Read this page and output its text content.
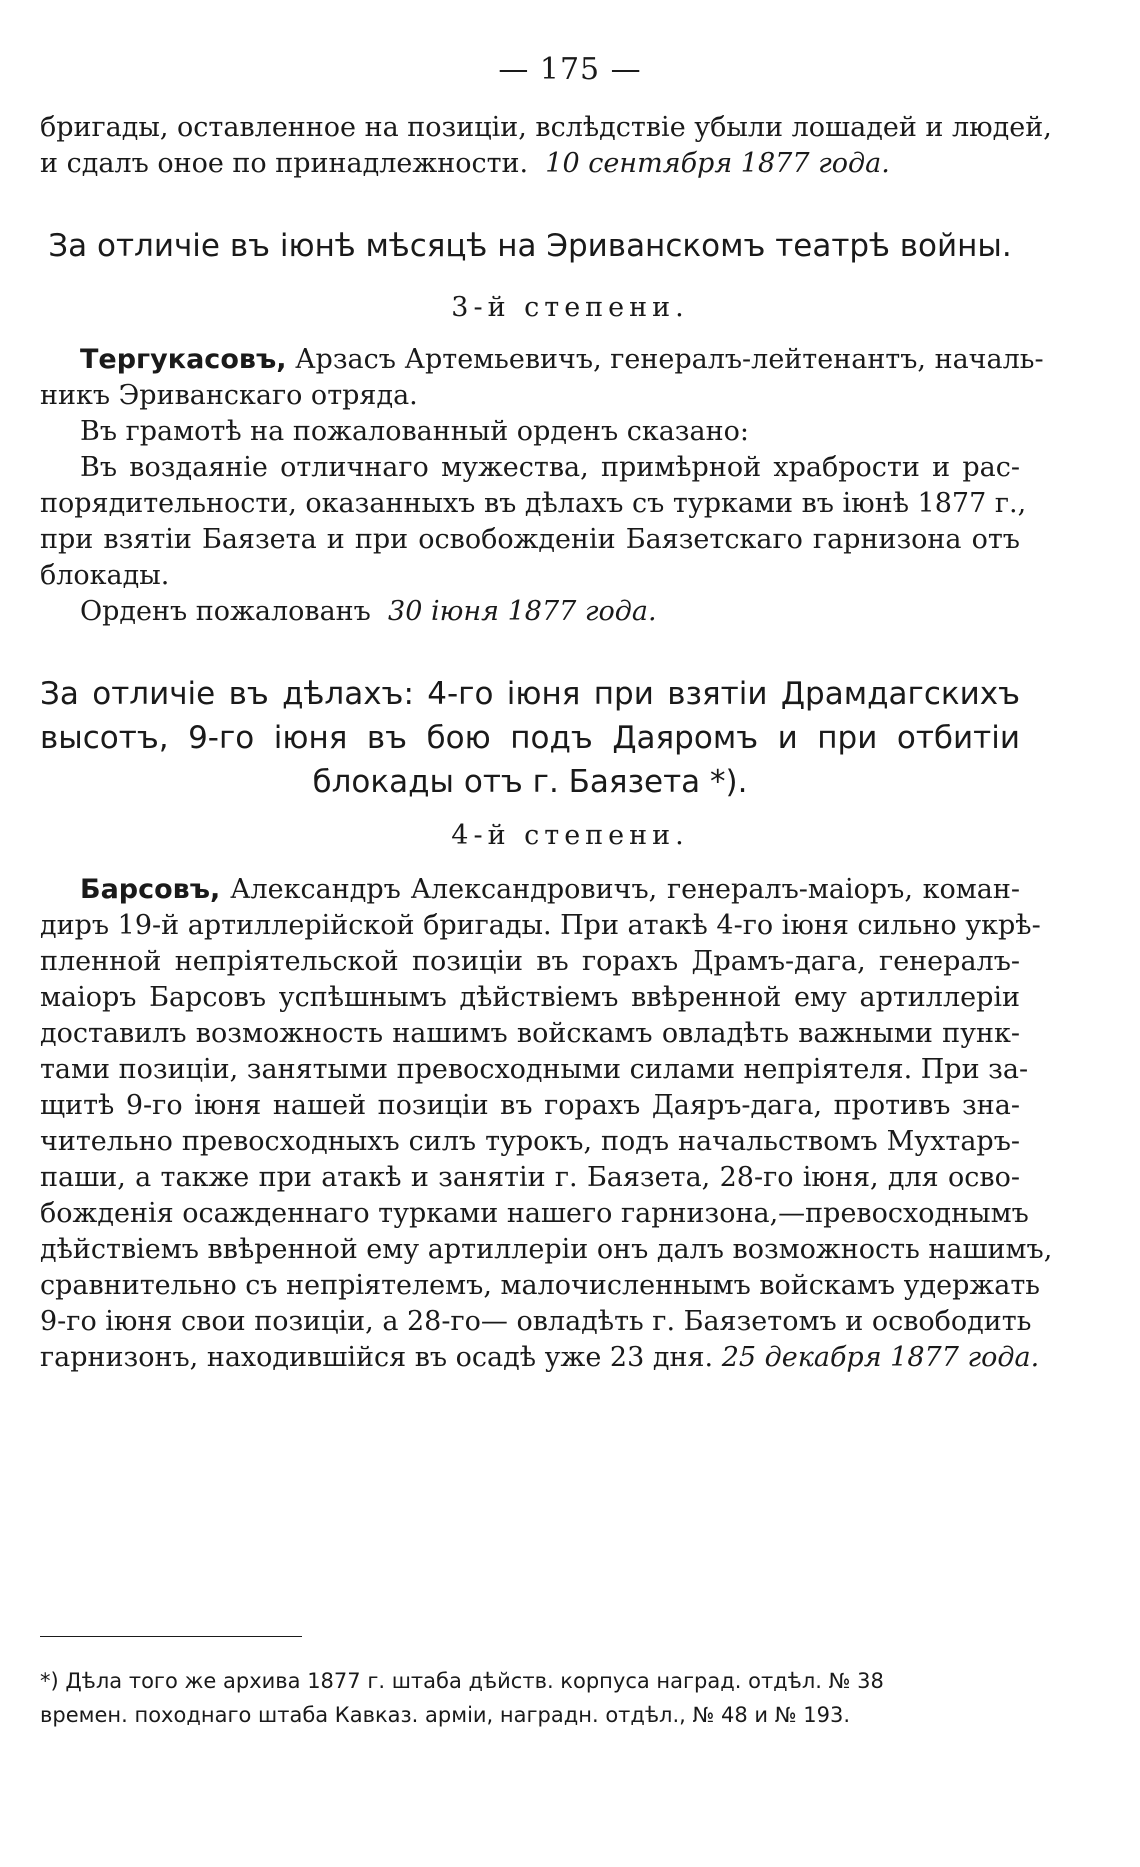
— 175 —
бригады, оставленное на позиціи, вслѣдствіе убыли лошадей и людей,
и сдалъ оное по принадлежности. 10 сентября 1877 года.
За отличіе въ іюнѣ мѣсяцѣ на Эриванскомъ театрѣ войны.
3-й степени.
Тергукасовъ, Арзасъ Артемьевичъ, генералъ-лейтенантъ, началь-
никъ Эриванскаго отряда.
Въ грамотѣ на пожалованный орденъ сказано:
Въ воздаяніе отличнаго мужества, примѣрной храбрости и рас-
порядительности, оказанныхъ въ дѣлахъ съ турками въ іюнѣ 1877 г.,
при взятіи Баязета и при освобожденіи Баязетскаго гарнизона отъ
блокады.
Орденъ пожалованъ 30 іюня 1877 года.
За отличіе въ дѣлахъ: 4-го іюня при взятіи Драмдагскихъ
высотъ, 9-го іюня въ бою подъ Даяромъ и при отбитіи
блокады отъ г. Баязета *).
4-й степени.
Барсовъ, Александръ Александровичъ, генералъ-маіоръ, коман-
диръ 19-й артиллерійской бригады. При атакѣ 4-го іюня сильно укрѣ-
пленной непріятельской позиціи въ горахъ Драмъ-дага, генералъ-
маіоръ Барсовъ успѣшнымъ дѣйствіемъ ввѣренной ему артиллеріи
доставилъ возможность нашимъ войскамъ овладѣть важными пунк-
тами позиціи, занятыми превосходными силами непріятеля. При за-
щитѣ 9-го іюня нашей позиціи въ горахъ Даяръ-дага, противъ зна-
чительно превосходныхъ силъ турокъ, подъ начальствомъ Мухтаръ-
паши, а также при атакѣ и занятіи г. Баязета, 28-го іюня, для осво-
божденія осажденнаго турками нашего гарнизона,—превосходнымъ
дѣйствіемъ ввѣренной ему артиллеріи онъ далъ возможность нашимъ,
сравнительно съ непріятелемъ, малочисленнымъ войскамъ удержать
9-го іюня свои позиціи, а 28-го— овладѣть г. Баязетомъ и освободить
гарнизонъ, находившійся въ осадѣ уже 23 дня. 25 декабря 1877 года.
*) Дѣла того же архива 1877 г. штаба дѣйств. корпуса наград. отдѣл. № 38
времен. походнаго штаба Кавказ. арміи, наградн. отдѣл., № 48 и № 193.
